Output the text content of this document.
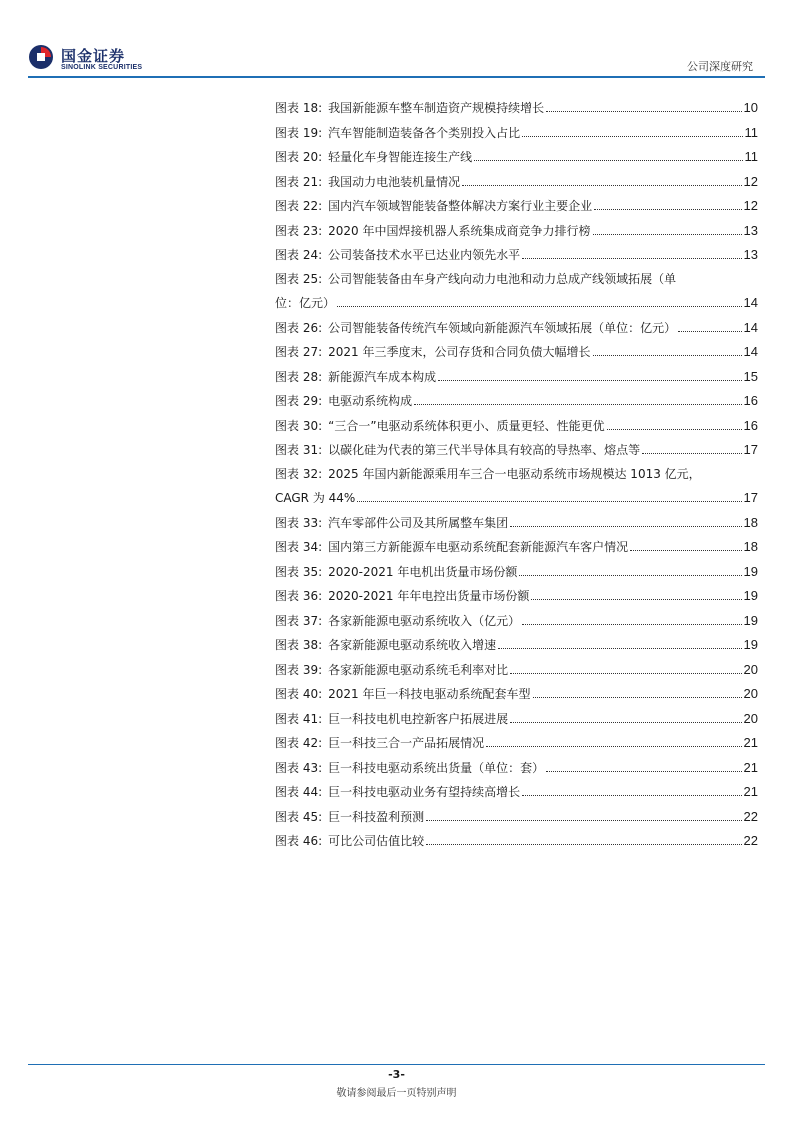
国金证券
SINOLINK SECURITIES	公司深度研究
图表 18: 我国新能源车整车制造资产规模持续增长	10
图表 19: 汽车智能制造装备各个类别投入占比	11
图表 20: 轻量化车身智能连接生产线	11
图表 21: 我国动力电池装机量情况	12
图表 22: 国内汽车领域智能装备整体解决方案行业主要企业	12
图表 23: 2020 年中国焊接机器人系统集成商竞争力排行榜	13
图表 24: 公司装备技术水平已达业内领先水平	13
图表 25: 公司智能装备由车身产线向动力电池和动力总成产线领域拓展（单
位：亿元）	14
图表 26: 公司智能装备传统汽车领域向新能源汽车领域拓展（单位：亿元）	14
图表 27: 2021 年三季度末，公司存货和合同负债大幅增长	14
图表 28: 新能源汽车成本构成	15
图表 29: 电驱动系统构成	16
图表 30: “三合一”电驱动系统体积更小、质量更轻、性能更优	16
图表 31: 以碳化硅为代表的第三代半导体具有较高的导热率、熔点等	17
图表 32: 2025 年国内新能源乘用车三合一电驱动系统市场规模达 1013 亿元，
CAGR 为 44%	17
图表 33: 汽车零部件公司及其所属整车集团	18
图表 34: 国内第三方新能源车电驱动系统配套新能源汽车客户情况	18
图表 35: 2020-2021 年电机出货量市场份额	19
图表 36: 2020-2021 年年电控出货量市场份额	19
图表 37: 各家新能源电驱动系统收入（亿元）	19
图表 38: 各家新能源电驱动系统收入增速	19
图表 39: 各家新能源电驱动系统毛利率对比	20
图表 40: 2021 年巨一科技电驱动系统配套车型	20
图表 41: 巨一科技电机电控新客户拓展进展	20
图表 42: 巨一科技三合一产品拓展情况	21
图表 43: 巨一科技电驱动系统出货量（单位：套）	21
图表 44: 巨一科技电驱动业务有望持续高增长	21
图表 45: 巨一科技盈利预测	22
图表 46: 可比公司估值比较	22
-3-
敬请参阅最后一页特别声明
